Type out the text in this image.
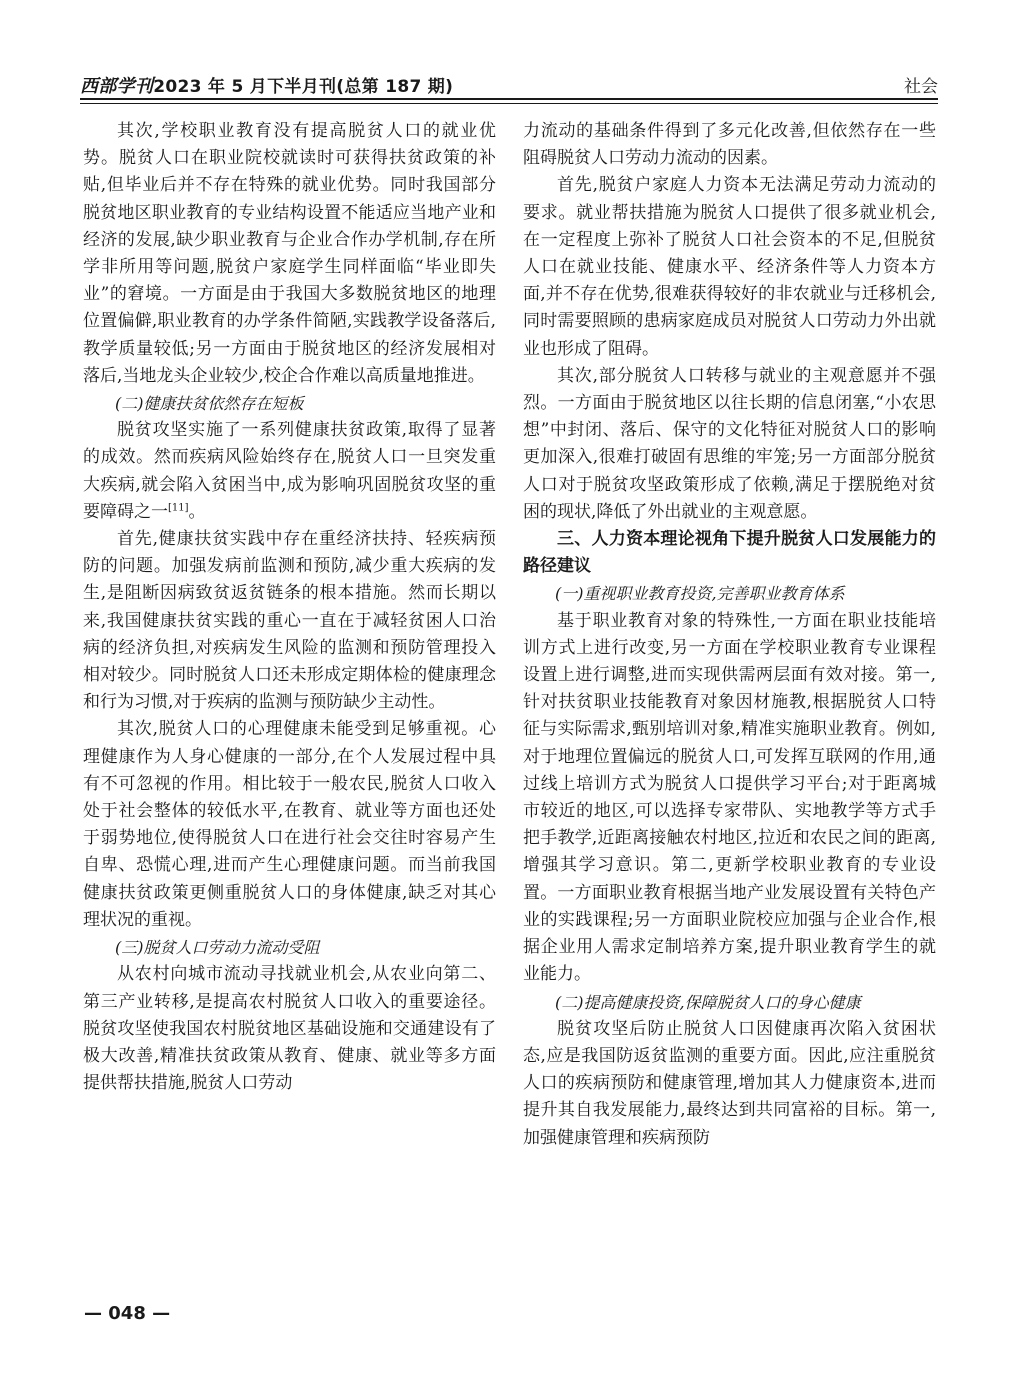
西部学刊2023 年 5 月下半月刊(总第 187 期)	社会

其次,学校职业教育没有提高脱贫人口的就业优势。脱贫人口在职业院校就读时可获得扶贫政策的补贴,但毕业后并不存在特殊的就业优势。同时我国部分脱贫地区职业教育的专业结构设置不能适应当地产业和经济的发展,缺少职业教育与企业合作办学机制,存在所学非所用等问题,脱贫户家庭学生同样面临“毕业即失业”的窘境。一方面是由于我国大多数脱贫地区的地理位置偏僻,职业教育的办学条件简陋,实践教学设备落后,教学质量较低;另一方面由于脱贫地区的经济发展相对落后,当地龙头企业较少,校企合作难以高质量地推进。

(二)健康扶贫依然存在短板

脱贫攻坚实施了一系列健康扶贫政策,取得了显著的成效。然而疾病风险始终存在,脱贫人口一旦突发重大疾病,就会陷入贫困当中,成为影响巩固脱贫攻坚的重要障碍之一[11]。

首先,健康扶贫实践中存在重经济扶持、轻疾病预防的问题。加强发病前监测和预防,减少重大疾病的发生,是阻断因病致贫返贫链条的根本措施。然而长期以来,我国健康扶贫实践的重心一直在于减轻贫困人口治病的经济负担,对疾病发生风险的监测和预防管理投入相对较少。同时脱贫人口还未形成定期体检的健康理念和行为习惯,对于疾病的监测与预防缺少主动性。

其次,脱贫人口的心理健康未能受到足够重视。心理健康作为人身心健康的一部分,在个人发展过程中具有不可忽视的作用。相比较于一般农民,脱贫人口收入处于社会整体的较低水平,在教育、就业等方面也还处于弱势地位,使得脱贫人口在进行社会交往时容易产生自卑、恐慌心理,进而产生心理健康问题。而当前我国健康扶贫政策更侧重脱贫人口的身体健康,缺乏对其心理状况的重视。

(三)脱贫人口劳动力流动受阻

从农村向城市流动寻找就业机会,从农业向第二、第三产业转移,是提高农村脱贫人口收入的重要途径。脱贫攻坚使我国农村脱贫地区基础设施和交通建设有了极大改善,精准扶贫政策从教育、健康、就业等多方面提供帮扶措施,脱贫人口劳动

力流动的基础条件得到了多元化改善,但依然存在一些阻碍脱贫人口劳动力流动的因素。

首先,脱贫户家庭人力资本无法满足劳动力流动的要求。就业帮扶措施为脱贫人口提供了很多就业机会,在一定程度上弥补了脱贫人口社会资本的不足,但脱贫人口在就业技能、健康水平、经济条件等人力资本方面,并不存在优势,很难获得较好的非农就业与迁移机会,同时需要照顾的患病家庭成员对脱贫人口劳动力外出就业也形成了阻碍。

其次,部分脱贫人口转移与就业的主观意愿并不强烈。一方面由于脱贫地区以往长期的信息闭塞,“小农思想”中封闭、落后、保守的文化特征对脱贫人口的影响更加深入,很难打破固有思维的牢笼;另一方面部分脱贫人口对于脱贫攻坚政策形成了依赖,满足于摆脱绝对贫困的现状,降低了外出就业的主观意愿。

三、人力资本理论视角下提升脱贫人口发展能力的路径建议
(一)重视职业教育投资,完善职业教育体系

基于职业教育对象的特殊性,一方面在职业技能培训方式上进行改变,另一方面在学校职业教育专业课程设置上进行调整,进而实现供需两层面有效对接。第一,针对扶贫职业技能教育对象因材施教,根据脱贫人口特征与实际需求,甄别培训对象,精准实施职业教育。例如,对于地理位置偏远的脱贫人口,可发挥互联网的作用,通过线上培训方式为脱贫人口提供学习平台;对于距离城市较近的地区,可以选择专家带队、实地教学等方式手把手教学,近距离接触农村地区,拉近和农民之间的距离,增强其学习意识。第二,更新学校职业教育的专业设置。一方面职业教育根据当地产业发展设置有关特色产业的实践课程;另一方面职业院校应加强与企业合作,根据企业用人需求定制培养方案,提升职业教育学生的就业能力。

(二)提高健康投资,保障脱贫人口的身心健康

脱贫攻坚后防止脱贫人口因健康再次陷入贫困状态,应是我国防返贫监测的重要方面。因此,应注重脱贫人口的疾病预防和健康管理,增加其人力健康资本,进而提升其自我发展能力,最终达到共同富裕的目标。第一,加强健康管理和疾病预防

— 048 —
